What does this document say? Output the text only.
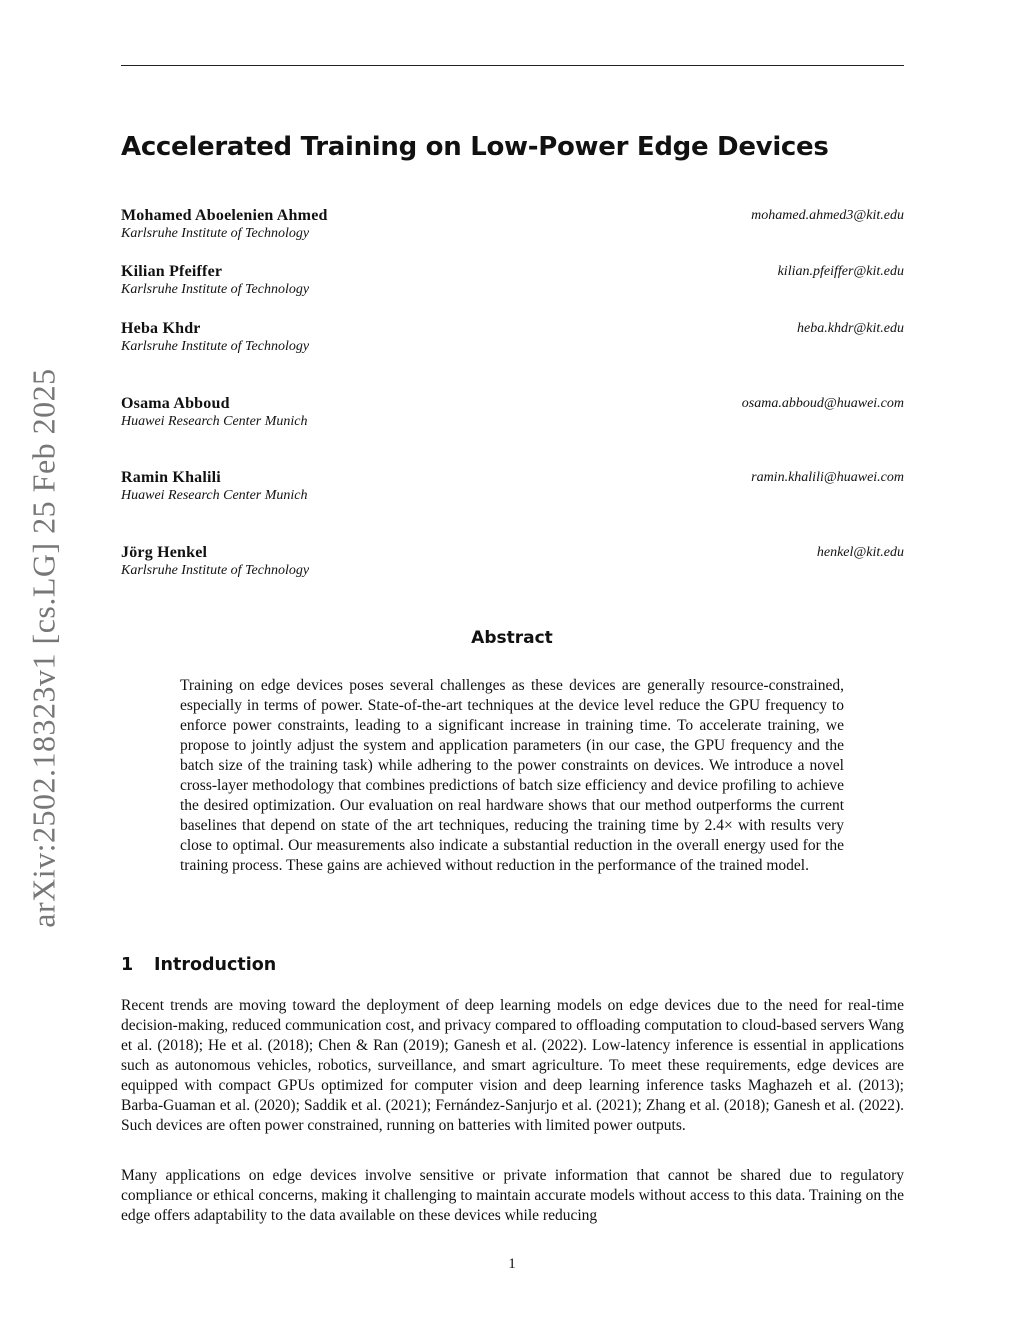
arXiv:2502.18323v1 [cs.LG] 25 Feb 2025
Accelerated Training on Low-Power Edge Devices
Mohamed Aboelenien Ahmed	mohamed.ahmed3@kit.edu
Karlsruhe Institute of Technology
Kilian Pfeiffer	kilian.pfeiffer@kit.edu
Karlsruhe Institute of Technology
Heba Khdr	heba.khdr@kit.edu
Karlsruhe Institute of Technology
Osama Abboud	osama.abboud@huawei.com
Huawei Research Center Munich
Ramin Khalili	ramin.khalili@huawei.com
Huawei Research Center Munich
Jörg Henkel	henkel@kit.edu
Karlsruhe Institute of Technology
Abstract

Training on edge devices poses several challenges as these devices are generally resource-constrained, especially in terms of power. State-of-the-art techniques at the device level reduce the GPU frequency to enforce power constraints, leading to a significant increase in training time. To accelerate training, we propose to jointly adjust the system and application parameters (in our case, the GPU frequency and the batch size of the training task) while adhering to the power constraints on devices. We introduce a novel cross-layer methodology that combines predictions of batch size efficiency and device profiling to achieve the desired optimization. Our evaluation on real hardware shows that our method outperforms the current baselines that depend on state of the art techniques, reducing the training time by 2.4× with results very close to optimal. Our measurements also indicate a substantial reduction in the overall energy used for the training process. These gains are achieved without reduction in the performance of the trained model.

1 Introduction

Recent trends are moving toward the deployment of deep learning models on edge devices due to the need for real-time decision-making, reduced communication cost, and privacy compared to offloading computation to cloud-based servers Wang et al. (2018); He et al. (2018); Chen & Ran (2019); Ganesh et al. (2022). Low-latency inference is essential in applications such as autonomous vehicles, robotics, surveillance, and smart agriculture. To meet these requirements, edge devices are equipped with compact GPUs optimized for computer vision and deep learning inference tasks Maghazeh et al. (2013); Barba-Guaman et al. (2020); Saddik et al. (2021); Fernández-Sanjurjo et al. (2021); Zhang et al. (2018); Ganesh et al. (2022). Such devices are often power constrained, running on batteries with limited power outputs.

Many applications on edge devices involve sensitive or private information that cannot be shared due to regulatory compliance or ethical concerns, making it challenging to maintain accurate models without access to this data. Training on the edge offers adaptability to the data available on these devices while reducing

1
